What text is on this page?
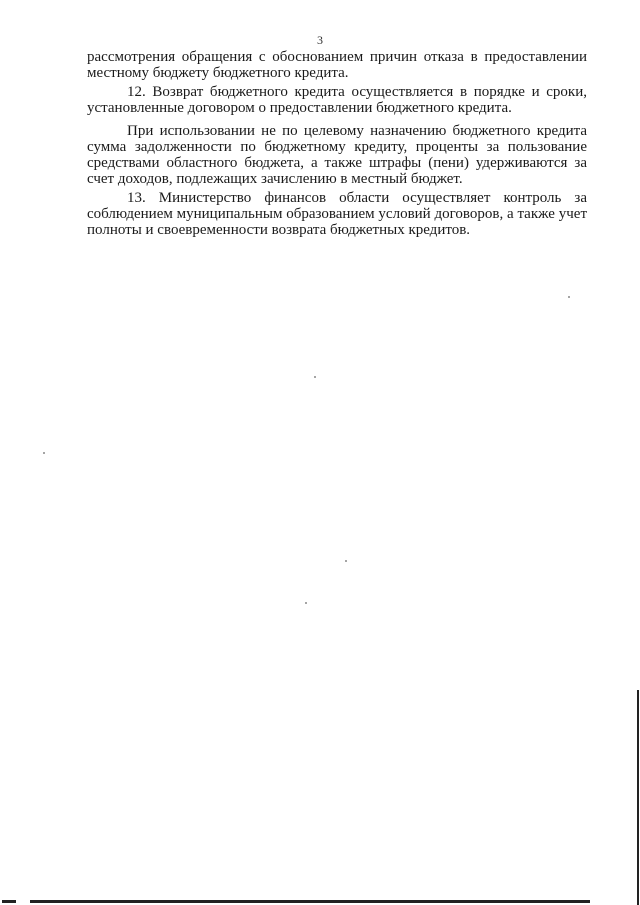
3

рассмотрения обращения с обоснованием причин отказа в предоставлении местному бюджету бюджетного кредита.

12. Возврат бюджетного кредита осуществляется в порядке и сроки, установленные договором о предоставлении бюджетного кредита.

При использовании не по целевому назначению бюджетного кредита сумма задолженности по бюджетному кредиту, проценты за пользование средствами областного бюджета, а также штрафы (пени) удерживаются за счет доходов, подлежащих зачислению в местный бюджет.

13. Министерство финансов области осуществляет контроль за соблюдением муниципальным образованием условий договоров, а также учет полноты и своевременности возврата бюджетных кредитов.
